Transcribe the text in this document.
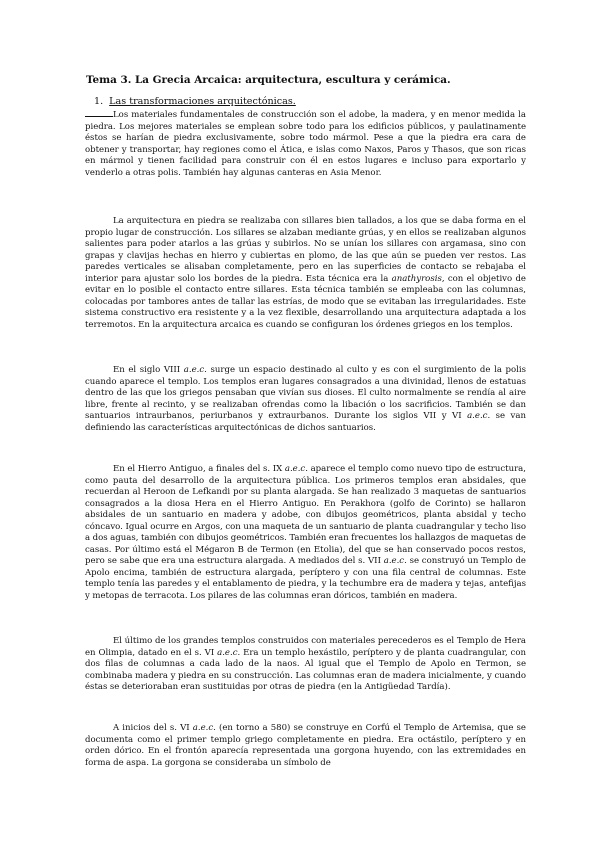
Tema 3. La Grecia Arcaica: arquitectura, escultura y cerámica.
1. Las transformaciones arquitectónicas.

Los materiales fundamentales de construcción son el adobe, la madera, y en menor medida la piedra. Los mejores materiales se emplean sobre todo para los edificios públicos, y paulatinamente éstos se harían de piedra exclusivamente, sobre todo mármol. Pese a que la piedra era cara de obtener y transportar, hay regiones como el Ática, e islas como Naxos, Paros y Thasos, que son ricas en mármol y tienen facilidad para construir con él en estos lugares e incluso para exportarlo y venderlo a otras polis. También hay algunas canteras en Asia Menor.

La arquitectura en piedra se realizaba con sillares bien tallados, a los que se daba forma en el propio lugar de construcción. Los sillares se alzaban mediante grúas, y en ellos se realizaban algunos salientes para poder atarlos a las grúas y subirlos. No se unían los sillares con argamasa, sino con grapas y clavijas hechas en hierro y cubiertas en plomo, de las que aún se pueden ver restos. Las paredes verticales se alisaban completamente, pero en las superficies de contacto se rebajaba el interior para ajustar solo los bordes de la piedra. Esta técnica era la anathyrosis, con el objetivo de evitar en lo posible el contacto entre sillares. Esta técnica también se empleaba con las columnas, colocadas por tambores antes de tallar las estrías, de modo que se evitaban las irregularidades. Este sistema constructivo era resistente y a la vez flexible, desarrollando una arquitectura adaptada a los terremotos. En la arquitectura arcaica es cuando se configuran los órdenes griegos en los templos.

En el siglo VIII a.e.c. surge un espacio destinado al culto y es con el surgimiento de la polis cuando aparece el templo. Los templos eran lugares consagrados a una divinidad, llenos de estatuas dentro de las que los griegos pensaban que vivían sus dioses. El culto normalmente se rendía al aire libre, frente al recinto, y se realizaban ofrendas como la libación o los sacrificios. También se dan santuarios intraurbanos, periurbanos y extraurbanos. Durante los siglos VII y VI a.e.c. se van definiendo las características arquitectónicas de dichos santuarios.

En el Hierro Antiguo, a finales del s. IX a.e.c. aparece el templo como nuevo tipo de estructura, como pauta del desarrollo de la arquitectura pública. Los primeros templos eran absidales, que recuerdan al Heroon de Lefkandi por su planta alargada. Se han realizado 3 maquetas de santuarios consagrados a la diosa Hera en el Hierro Antiguo. En Perakhora (golfo de Corinto) se hallaron absidales de un santuario en madera y adobe, con dibujos geométricos, planta absidal y techo cóncavo. Igual ocurre en Argos, con una maqueta de un santuario de planta cuadrangular y techo liso a dos aguas, también con dibujos geométricos. También eran frecuentes los hallazgos de maquetas de casas. Por último está el Mégaron B de Termon (en Etolia), del que se han conservado pocos restos, pero se sabe que era una estructura alargada. A mediados del s. VII a.e.c. se construyó un Templo de Apolo encima, también de estructura alargada, períptero y con una fila central de columnas. Este templo tenía las paredes y el entablamento de piedra, y la techumbre era de madera y tejas, antefijas y metopas de terracota. Los pilares de las columnas eran dóricos, también en madera.

El último de los grandes templos construidos con materiales perecederos es el Templo de Hera en Olimpia, datado en el s. VI a.e.c. Era un templo hexástilo, períptero y de planta cuadrangular, con dos filas de columnas a cada lado de la naos. Al igual que el Templo de Apolo en Termon, se combinaba madera y piedra en su construcción. Las columnas eran de madera inicialmente, y cuando éstas se deterioraban eran sustituidas por otras de piedra (en la Antigüedad Tardía).

A inicios del s. VI a.e.c. (en torno a 580) se construye en Corfú el Templo de Artemisa, que se documenta como el primer templo griego completamente en piedra. Era octástilo, períptero y en orden dórico. En el frontón aparecía representada una gorgona huyendo, con las extremidades en forma de aspa. La gorgona se consideraba un símbolo de
